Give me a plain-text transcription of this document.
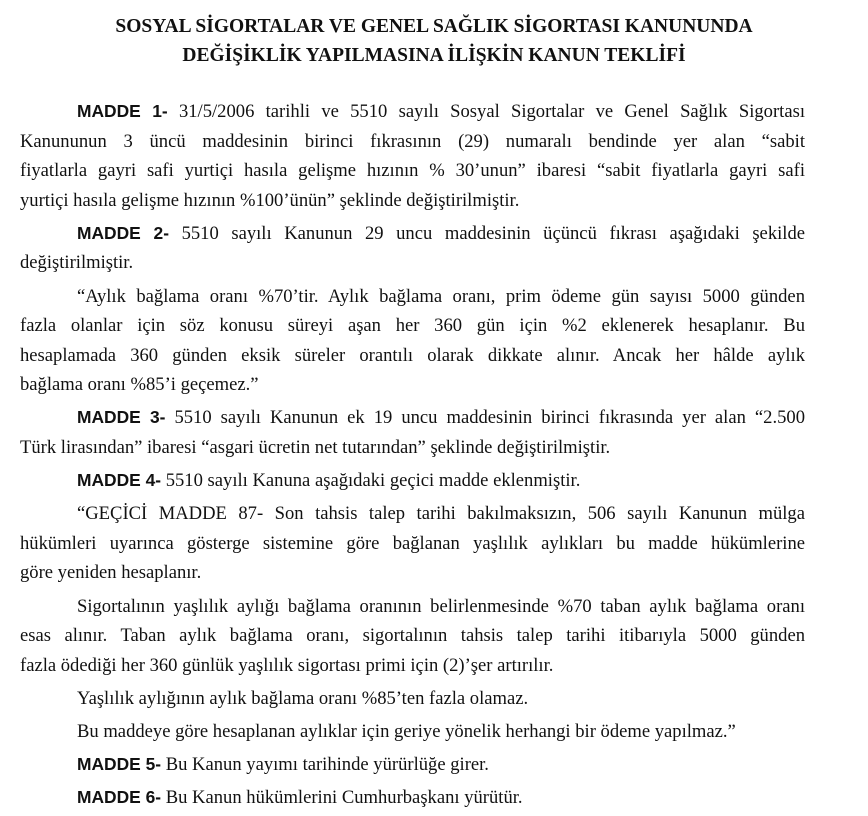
SOSYAL SİGORTALAR VE GENEL SAĞLIK SİGORTASI KANUNUNDA
DEĞİŞİKLİK YAPILMASINA İLİŞKİN KANUN TEKLİFİ
MADDE 1- 31/5/2006 tarihli ve 5510 sayılı Sosyal Sigortalar ve Genel Sağlık Sigortası
Kanununun 3 üncü maddesinin birinci fıkrasının (29) numaralı bendinde yer alan “sabit
fiyatlarla gayri safi yurtiçi hasıla gelişme hızının % 30’unun” ibaresi “sabit fiyatlarla gayri safi
yurtiçi hasıla gelişme hızının %100’ünün” şeklinde değiştirilmiştir.
MADDE 2- 5510 sayılı Kanunun 29 uncu maddesinin üçüncü fıkrası aşağıdaki şekilde
değiştirilmiştir.
“Aylık bağlama oranı %70’tir. Aylık bağlama oranı, prim ödeme gün sayısı 5000 günden
fazla olanlar için söz konusu süreyi aşan her 360 gün için %2 eklenerek hesaplanır. Bu
hesaplamada 360 günden eksik süreler orantılı olarak dikkate alınır. Ancak her hâlde aylık
bağlama oranı %85’i geçemez.”
MADDE 3- 5510 sayılı Kanunun ek 19 uncu maddesinin birinci fıkrasında yer alan “2.500
Türk lirasından” ibaresi “asgari ücretin net tutarından” şeklinde değiştirilmiştir.
MADDE 4- 5510 sayılı Kanuna aşağıdaki geçici madde eklenmiştir.
“GEÇİCİ MADDE 87- Son tahsis talep tarihi bakılmaksızın, 506 sayılı Kanunun mülga
hükümleri uyarınca gösterge sistemine göre bağlanan yaşlılık aylıkları bu madde hükümlerine
göre yeniden hesaplanır.
Sigortalının yaşlılık aylığı bağlama oranının belirlenmesinde %70 taban aylık bağlama oranı
esas alınır. Taban aylık bağlama oranı, sigortalının tahsis talep tarihi itibarıyla 5000 günden
fazla ödediği her 360 günlük yaşlılık sigortası primi için (2)’şer artırılır.
Yaşlılık aylığının aylık bağlama oranı %85’ten fazla olamaz.
Bu maddeye göre hesaplanan aylıklar için geriye yönelik herhangi bir ödeme yapılmaz.”
MADDE 5- Bu Kanun yayımı tarihinde yürürlüğe girer.
MADDE 6- Bu Kanun hükümlerini Cumhurbaşkanı yürütür.
